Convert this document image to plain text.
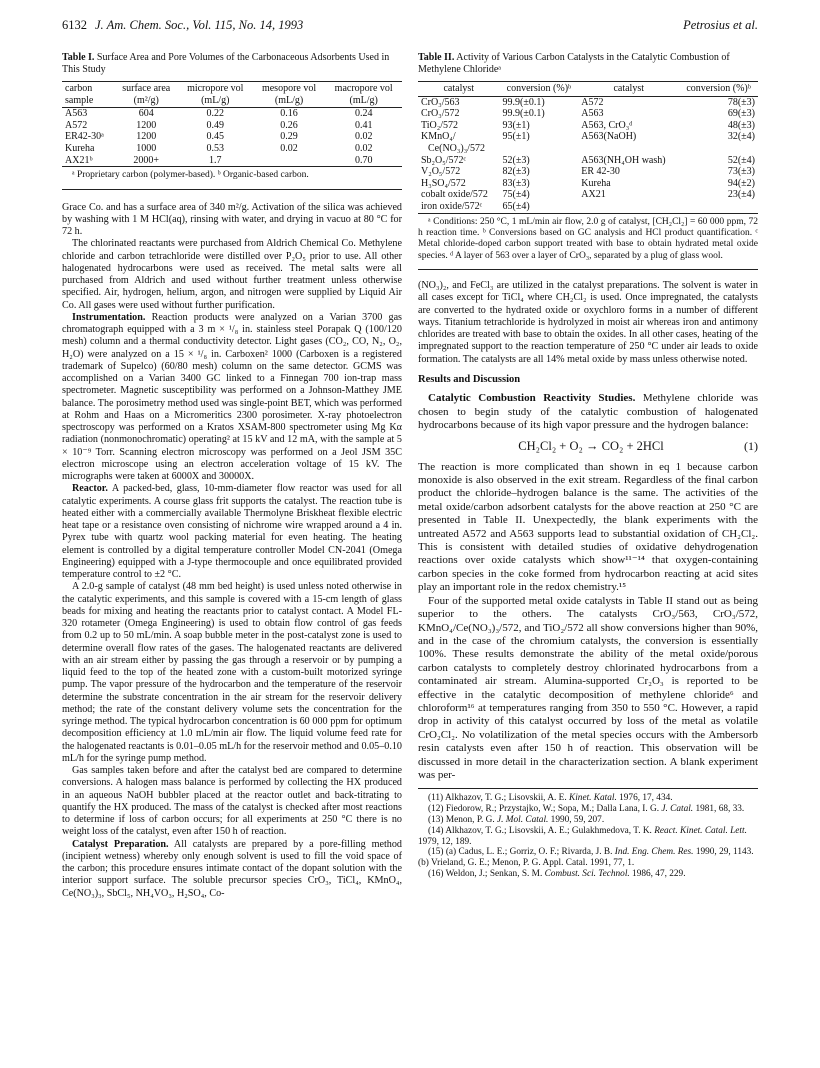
6132 J. Am. Chem. Soc., Vol. 115, No. 14, 1993	Petrosius et al.
Table I. Surface Area and Pore Volumes of the Carbonaceous Adsorbents Used in This Study
carbon sample	surface area (m²/g)	micropore vol (mL/g)	mesopore vol (mL/g)	macropore vol (mL/g)
A563	604	0.22	0.16	0.24
A572	1200	0.49	0.26	0.41
ER42-30ᵃ	1200	0.45	0.29	0.02
Kureha	1000	0.53	0.02	0.02
AX21ᵇ	2000+	1.7		0.70

ᵃ Proprietary carbon (polymer-based). ᵇ Organic-based carbon.

Grace Co. and has a surface area of 340 m²/g. Activation of the silica was achieved by washing with 1 M HCl(aq), rinsing with water, and drying in vacuo at 80 °C for 72 h.

The chlorinated reactants were purchased from Aldrich Chemical Co. Methylene chloride and carbon tetrachloride were distilled over P₂O₅ prior to use. All other halogenated hydrocarbons were used as received. The metal salts were all purchased from Aldrich and used without further treatment unless otherwise specified. Air, hydrogen, helium, argon, and nitrogen were supplied by Liquid Air Co. All gases were used without further purification.

Instrumentation. Reaction products were analyzed on a Varian 3700 gas chromatograph equipped with a 3 m × ¹/₈ in. stainless steel Porapak Q (100/120 mesh) column and a thermal conductivity detector. Light gases (CO₂, CO, N₂, O₂, H₂O) were analyzed on a 15 × ¹/₈ in. Carboxen² 1000 (Carboxen is a registered trademark of Supelco) (60/80 mesh) column on the same detector. GCMS was accomplished on a Varian 3400 GC linked to a Finnegan 700 ion-trap mass spectrometer. Magnetic susceptibility was performed on a Johnson-Matthey JME balance. The porosimetry method used was single-point BET, which was performed at Rohm and Haas on a Micromeritics 2300 porosimeter. X-ray photoelectron spectroscopy was performed on a Kratos XSAM-800 spectrometer using Mg Kα radiation (nonmonochromatic) operating² at 15 kV and 12 mA, with the sample at 5 × 10⁻⁹ Torr. Scanning electron microscopy was performed on a Jeol JSM 35C electron microscope using an electron acceleration voltage of 15 kV. The micrographs were taken at 6000X and 30000X.

Reactor. A packed-bed, glass, 10-mm-diameter flow reactor was used for all catalytic experiments. A course glass frit supports the catalyst. The reaction tube is heated either with a commercially available Thermolyne Briskheat flexible electric heat tape or a resistance oven consisting of nichrome wire wrapped around a 4 in. Pyrex tube with quartz wool packing material for even heating. The heating element is controlled by a digital temperature controller Model CN-2041 (Omega Engineering) equipped with a J-type thermocouple and once equilibrated provided temperature control to ±2 °C.

A 2.0-g sample of catalyst (48 mm bed height) is used unless noted otherwise in the catalytic experiments, and this sample is covered with a 15-cm length of glass beads for mixing and heating the reactants prior to catalyst contact. A Model FL-320 rotameter (Omega Engineering) is used to obtain flow control of gas feeds from 0.2 up to 50 mL/min. A soap bubble meter in the post-catalyst zone is used to determine overall flow rates of the gases. The halogenated reactants are delivered with an air stream either by passing the gas through a reservoir or by pumping a liquid feed to the top of the heated zone with a custom-built motorized syringe pump. The vapor pressure of the hydrocarbon and the temperature of the reservoir determine the substrate concentration in the air stream for the reservoir delivery method; the rate of the constant delivery volume sets the concentration for the syringe method. The typical hydrocarbon concentration is 60 000 ppm for optimum decomposition efficiency at 1.0 mL/min air flow. The liquid volume feed rate for the halogenated reactants is 0.01–0.05 mL/h for the reservoir method and 0.05–0.10 mL/h for the syringe pump method.

Gas samples taken before and after the catalyst bed are compared to determine conversions. A halogen mass balance is performed by collecting the HX produced in an aqueous NaOH bubbler placed at the reactor outlet and back-titrating to quantify the HX produced. The mass of the catalyst is checked after most reactions to determine if loss of carbon occurs; for all experiments at 250 °C there is no weight loss of the catalyst, even after 150 h of reaction.

Catalyst Preparation. All catalysts are prepared by a pore-filling method (incipient wetness) whereby only enough solvent is used to fill the void space of the carbon; this procedure ensures intimate contact of the dopant solution with the interior support surface. The soluble precursor species CrO₃, TiCl₄, KMnO₄, Ce(NO₃)₃, SbCl₅, NH₄VO₃, H₂SO₄, Co-

Table II. Activity of Various Carbon Catalysts in the Catalytic Combustion of Methylene Chlorideᵃ
catalyst	conversion (%)ᵇ	catalyst	conversion (%)ᵇ
CrO₃/563	99.9(±0.1)	A572	78(±3)
CrO₃/572	99.9(±0.1)	A563	69(±3)
TiO₂/572	93(±1)	A563, CrO₃ᵈ	48(±3)
KMnO₄/	95(±1)	A563(NaOH)	32(±4)
Ce(NO₃)₃/572			
Sb₂O₅/572ᶜ	52(±3)	A563(NH₄OH wash)	52(±4)
V₂O₅/572	82(±3)	ER 42-30	73(±3)
H₃SO₄/572	83(±3)	Kureha	94(±2)
cobalt oxide/572	75(±4)	AX21	23(±4)
iron oxide/572ᶜ	65(±4)		

ᵃ Conditions: 250 °C, 1 mL/min air flow, 2.0 g of catalyst, [CH₂Cl₂] = 60 000 ppm, 72 h reaction time. ᵇ Conversions based on GC analysis and HCl product quantification. ᶜ Metal chloride-doped carbon support treated with base to obtain hydrated metal oxide species. ᵈ A layer of 563 over a layer of CrO₃, separated by a plug of glass wool.

(NO₃)₂, and FeCl₃ are utilized in the catalyst preparations. The solvent is water in all cases except for TiCl₄ where CH₂Cl₂ is used. Once impregnated, the catalysts are converted to the hydrated oxide or oxychloro forms in a number of different ways. Titanium tetrachloride is hydrolyzed in moist air whereas iron and antimony chlorides are treated with base to obtain the oxides. In all other cases, heating of the impregnated support to the reaction temperature of 250 °C under air leads to oxide formation. The catalysts are all 14% metal oxide by mass unless otherwise noted.

Results and Discussion

Catalytic Combustion Reactivity Studies. Methylene chloride was chosen to begin study of the catalytic combustion of halogenated hydrocarbons because of its high vapor pressure and the hydrogen balance:

CH₂Cl₂ + O₂ → CO₂ + 2HCl	(1)

The reaction is more complicated than shown in eq 1 because carbon monoxide is also observed in the exit stream. Regardless of the final carbon product the chloride–hydrogen balance is the same. The activities of the metal oxide/carbon adsorbent catalysts for the above reaction at 250 °C are presented in Table II. Unexpectedly, the blank experiments with the untreated A572 and A563 supports lead to substantial oxidation of CH₂Cl₂. This is consistent with detailed studies of oxidative dehydrogenation reactions over oxide catalysts which show¹¹⁻¹⁴ that oxygen-containing carbon species in the coke formed from hydrocarbon reacting at acid sites play an important role in the redox chemistry.¹⁵

Four of the supported metal oxide catalysts in Table II stand out as being superior to the others. The catalysts CrO₃/563, CrO₃/572, KMnO₄/Ce(NO₃)₃/572, and TiO₂/572 all show conversions higher than 90%, and in the case of the chromium catalysts, the conversion is essentially 100%. These results demonstrate the ability of the metal oxide/porous carbon catalysts to completely destroy chlorinated hydrocarbons from a contaminated air stream. Alumina-supported Cr₂O₃ is reported to be effective in the catalytic decomposition of methylene chloride⁶ and chloroform¹⁶ at temperatures ranging from 350 to 550 °C. However, a rapid drop in activity of this catalyst occurred by loss of the metal as volatile CrO₂Cl₂. No volatilization of the metal species occurs with the Ambersorb resin catalysts even after 150 h of reaction. This observation will be discussed in more detail in the characterization section. A blank experiment was per-

(11) Alkhazov, T. G.; Lisovskii, A. E. Kinet. Katal. 1976, 17, 434.

(12) Fiedorow, R.; Przystajko, W.; Sopa, M.; Dalla Lana, I. G. J. Catal. 1981, 68, 33.

(13) Menon, P. G. J. Mol. Catal. 1990, 59, 207.

(14) Alkhazov, T. G.; Lisovskii, A. E.; Gulakhmedova, T. K. React. Kinet. Catal. Lett. 1979, 12, 189.

(15) (a) Cadus, L. E.; Gorriz, O. F.; Rivarda, J. B. Ind. Eng. Chem. Res. 1990, 29, 1143. (b) Vrieland, G. E.; Menon, P. G. Appl. Catal. 1991, 77, 1.

(16) Weldon, J.; Senkan, S. M. Combust. Sci. Technol. 1986, 47, 229.
